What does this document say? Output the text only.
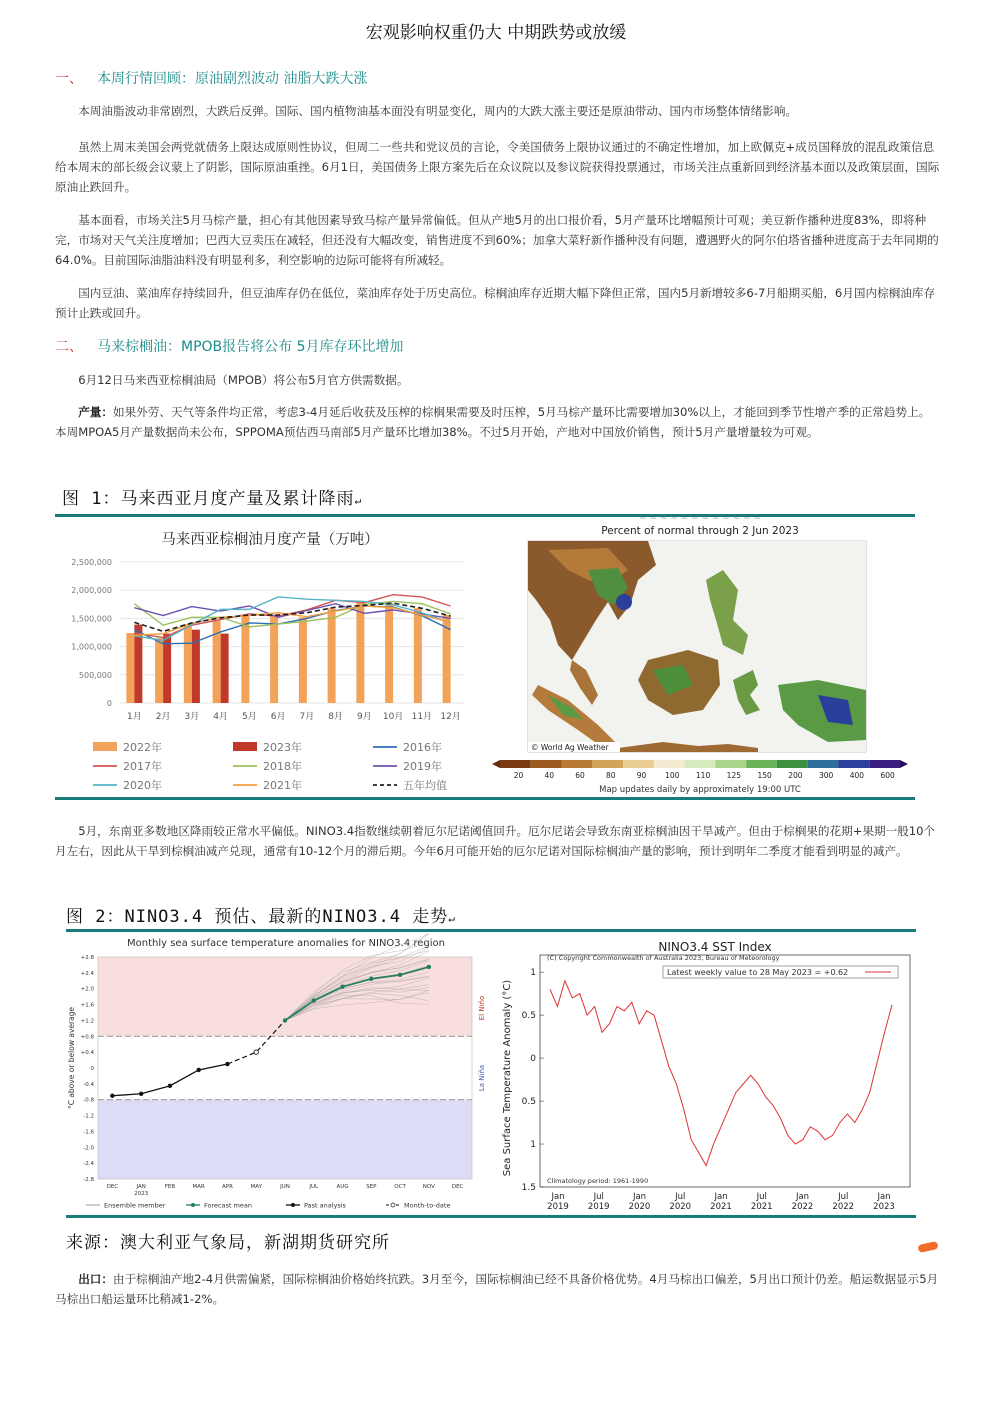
宏观影响权重仍大 中期跌势或放缓
一、 本周行情回顾：原油剧烈波动 油脂大跌大涨

本周油脂波动非常剧烈，大跌后反弹。国际、国内植物油基本面没有明显变化，周内的大跌大涨主要还是原油带动、国内市场整体情绪影响。

虽然上周末美国会两党就债务上限达成原则性协议，但周二一些共和党议员的言论，令美国债务上限协议通过的不确定性增加，加上欧佩克+成员国释放的混乱政策信息给本周末的部长级会议蒙上了阴影，国际原油重挫。6月1日，美国债务上限方案先后在众议院以及参议院获得投票通过，市场关注点重新回到经济基本面以及政策层面，国际原油止跌回升。

基本面看，市场关注5月马棕产量，担心有其他因素导致马棕产量异常偏低。但从产地5月的出口报价看，5月产量环比增幅预计可观；美豆新作播种进度83%，即将种完，市场对天气关注度增加；巴西大豆卖压在减轻，但还没有大幅改变，销售进度不到60%；加拿大菜籽新作播种没有问题，遭遇野火的阿尔伯塔省播种进度高于去年同期的 64.0%。目前国际油脂油料没有明显利多，利空影响的边际可能将有所减轻。

国内豆油、菜油库存持续回升，但豆油库存仍在低位，菜油库存处于历史高位。棕榈油库存近期大幅下降但正常，国内5月新增较多6-7月船期买船，6月国内棕榈油库存预计止跌或回升。

二、 马来棕榈油：MPOB报告将公布 5月库存环比增加

6月12日马来西亚棕榈油局（MPOB）将公布5月官方供需数据。

产量：如果外劳、天气等条件均正常，考虑3-4月延后收获及压榨的棕榈果需要及时压榨，5月马棕产量环比需要增加30%以上，才能回到季节性增产季的正常趋势上。本周MPOA5月产量数据尚未公布，SPPOMA预估西马南部5月产量环比增加38%。不过5月开始，产地对中国放价销售，预计5月产量增量较为可观。

图 1：马来西亚月度产量及累计降雨↵
马来西亚棕榈油月度产量（万吨）
0
500,000
1,000,000
1,500,000
2,000,000
2,500,000
1月 2月 3月 4月 5月 6月 7月 8月 9月 10月 11月 12月
2022年	2023年	2016年
2017年	2018年	2019年
2020年	2021年	五年均值
~ ~ ~ ~ ~ ~ ~ ~ ~ ~ ~ ~
Percent of normal through 2 Jun 2023
© World Ag Weather
20	40	60	80	90	100 110 125 150 200 300 400 600
Map updates daily by approximately 19:00 UTC

5月，东南亚多数地区降雨较正常水平偏低。NINO3.4指数继续朝着厄尔尼诺阈值回升。厄尔尼诺会导致东南亚棕榈油因干旱减产。但由于棕榈果的花期+果期一般10个月左右，因此从干旱到棕榈油减产兑现，通常有10-12个月的滞后期。今年6月可能开始的厄尔尼诺对国际棕榈油产量的影响，预计到明年二季度才能看到明显的减产。

图 2：NINO3.4 预估、最新的NINO3.4 走势↵
Monthly sea surface temperature anomalies for NINO3.4 region
+2.8
+2.4
+2.0
+1.6
+1.2
+0.8
+0.4
0
-0.4
-0.8
-1.2
-1.6
-2.0
-2.4
-2.8
DEC	JAN	FEB	MAR	APR	MAY	JUN	JUL	AUG	SEP	OCT	NOV	DEC
2023
Ensemble member	Forecast mean	Past analysis	Month-to-date
°C above or below average	El Niño
La Niña
NINO3.4 SST Index
1
0.5
0
0.5
1
1.5
Jan
2019
Jul
2019
Jan
2020
Jul
2020
Jan
2021
Jul
2021
Jan
2022
Jul
2022
Jan
2023
(C) Copyright Commonwealth of Australia 2023, Bureau of Meteorology
Latest weekly value to 28 May 2023 = +0.62
Climatology period: 1961-1990
Sea Surface Temperature Anomaly (°C)
来源：澳大利亚气象局，新湖期货研究所

出口：由于棕榈油产地2-4月供需偏紧，国际棕榈油价格始终抗跌。3月至今，国际棕榈油已经不具备价格优势。4月马棕出口偏差，5月出口预计仍差。船运数据显示5月马棕出口船运量环比稍减1-2%。
